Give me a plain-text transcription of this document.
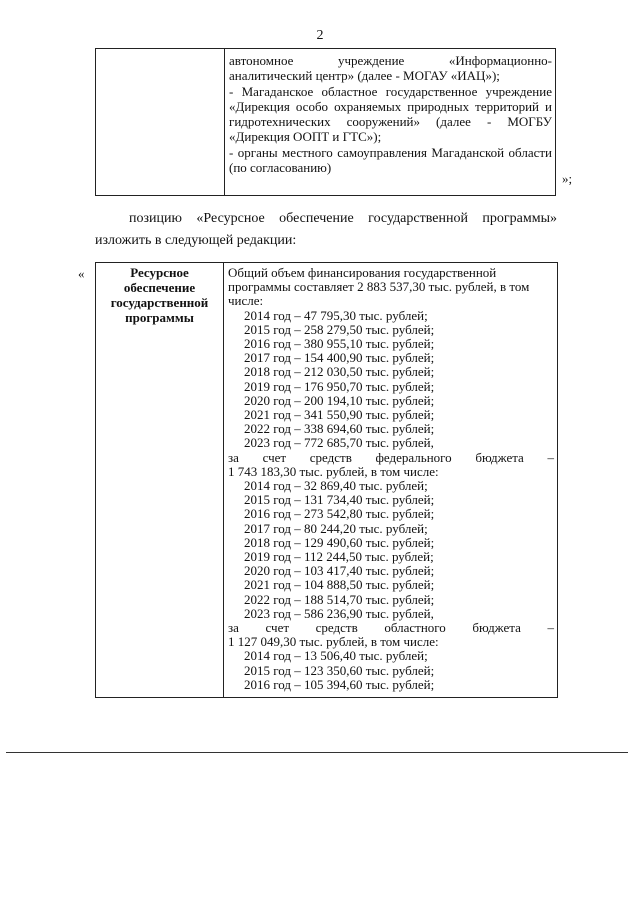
2

автономное учреждение «Информационно-аналитический центр» (далее - МОГАУ «ИАЦ»);

- Магаданское областное государственное учреждение «Дирекция особо охраняемых природных территорий и гидротехнических сооружений» (далее - МОГБУ «Дирекция ООПТ и ГТС»);

- органы местного самоуправления Магаданской области (по согласованию)

»;
позицию «Ресурсное обеспечение государственной программы»
изложить в следующей редакции:
«	Ресурсное обеспечение государственной программы
Общий объем финансирования государственной программы составляет 2 883 537,30 тыс. рублей, в том числе:
2014 год – 47 795,30 тыс. рублей;
2015 год – 258 279,50 тыс. рублей;
2016 год – 380 955,10 тыс. рублей;
2017 год – 154 400,90 тыс. рублей;
2018 год – 212 030,50 тыс. рублей;
2019 год – 176 950,70 тыс. рублей;
2020 год – 200 194,10 тыс. рублей;
2021 год – 341 550,90 тыс. рублей;
2022 год – 338 694,60 тыс. рублей;
2023 год – 772 685,70 тыс. рублей,
за счет средств федерального бюджета –
1 743 183,30 тыс. рублей, в том числе:
2014 год – 32 869,40 тыс. рублей;
2015 год – 131 734,40 тыс. рублей;
2016 год – 273 542,80 тыс. рублей;
2017 год – 80 244,20 тыс. рублей;
2018 год – 129 490,60 тыс. рублей;
2019 год – 112 244,50 тыс. рублей;
2020 год – 103 417,40 тыс. рублей;
2021 год – 104 888,50 тыс. рублей;
2022 год – 188 514,70 тыс. рублей;
2023 год – 586 236,90 тыс. рублей,
за счет средств областного бюджета –
1 127 049,30 тыс. рублей, в том числе:
2014 год – 13 506,40 тыс. рублей;
2015 год – 123 350,60 тыс. рублей;
2016 год – 105 394,60 тыс. рублей;
